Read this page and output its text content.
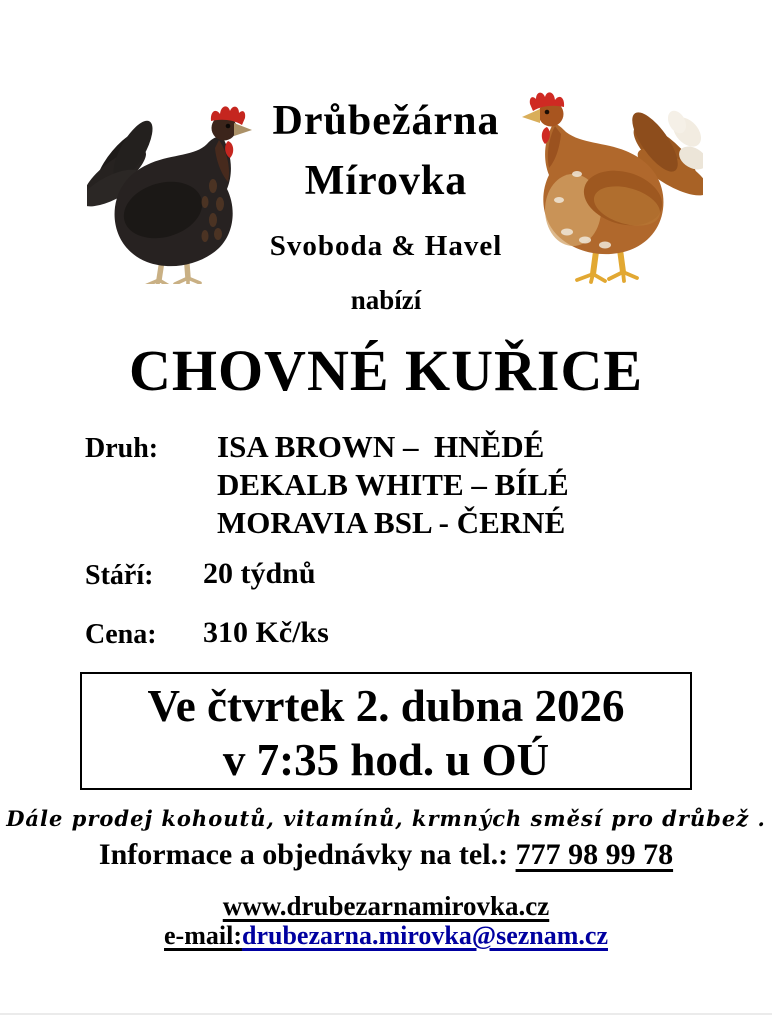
Drůbežárna
Mírovka
Svoboda & Havel
nabízí
CHOVNÉ KUŘICE
Druh: ISA BROWN –  HNĚDÉ
DEKALB WHITE – BÍLÉ
MORAVIA BSL - ČERNÉ
Stáří: 20 týdnů
Cena: 310 Kč/ks
Ve čtvrtek 2. dubna 2026
v 7:35 hod. u OÚ
Dále prodej kohoutů, vitamínů, krmných směsí pro drůbež .
Informace a objednávky na tel.: 777 98 99 78
www.drubezarnamirovka.cz
e-mail:drubezarna.mirovka@seznam.cz
